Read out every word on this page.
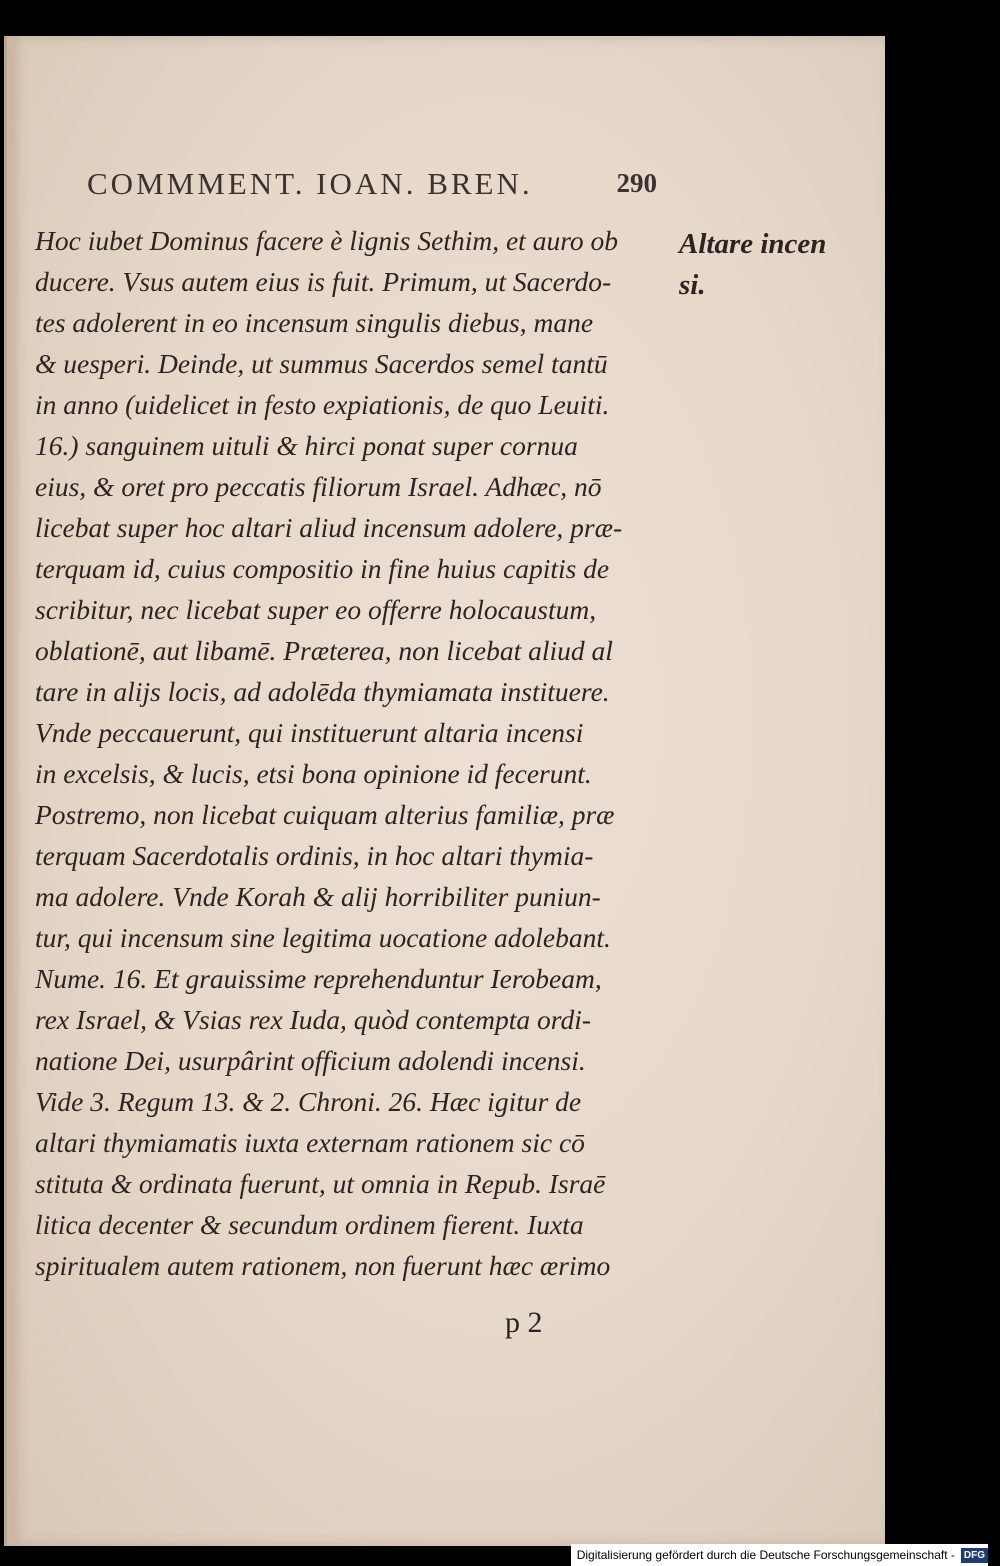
COMMMENT. IOAN. BREN.	290
Hoc iubet Dominus facere è lignis Sethim, et auro ob
ducere. Vsus autem eius is fuit. Primum, ut Sacerdo-
tes adolerent in eo incensum singulis diebus, mane
& uesperi. Deinde, ut summus Sacerdos semel tantū
in anno (uidelicet in festo expiationis, de quo Leuiti.
16.) sanguinem uituli & hirci ponat super cornua
eius, & oret pro peccatis filiorum Israel. Adhæc, nō
licebat super hoc altari aliud incensum adolere, præ-
terquam id, cuius compositio in fine huius capitis de
scribitur, nec licebat super eo offerre holocaustum,
oblationē, aut libamē. Præterea, non licebat aliud al
tare in alijs locis, ad adolēda thymiamata instituere.
Vnde peccauerunt, qui instituerunt altaria incensi
in excelsis, & lucis, etsi bona opinione id fecerunt.
Postremo, non licebat cuiquam alterius familiæ, præ
terquam Sacerdotalis ordinis, in hoc altari thymia-
ma adolere. Vnde Korah & alij horribiliter puniun-
tur, qui incensum sine legitima uocatione adolebant.
Nume. 16. Et grauissime reprehenduntur Ierobeam,
rex Israel, & Vsias rex Iuda, quòd contempta ordi-
natione Dei, usurpârint officium adolendi incensi.
Vide 3. Regum 13. & 2. Chroni. 26. Hæc igitur de
altari thymiamatis iuxta externam rationem sic cō
stituta & ordinata fuerunt, ut omnia in Repub. Israē
litica decenter & secundum ordinem fierent. Iuxta
spiritualem autem rationem, non fuerunt hæc ærimo
Altare incen
si.
p 2
Digitalisierung gefördert durch die Deutsche Forschungsgemeinschaft - DFG
